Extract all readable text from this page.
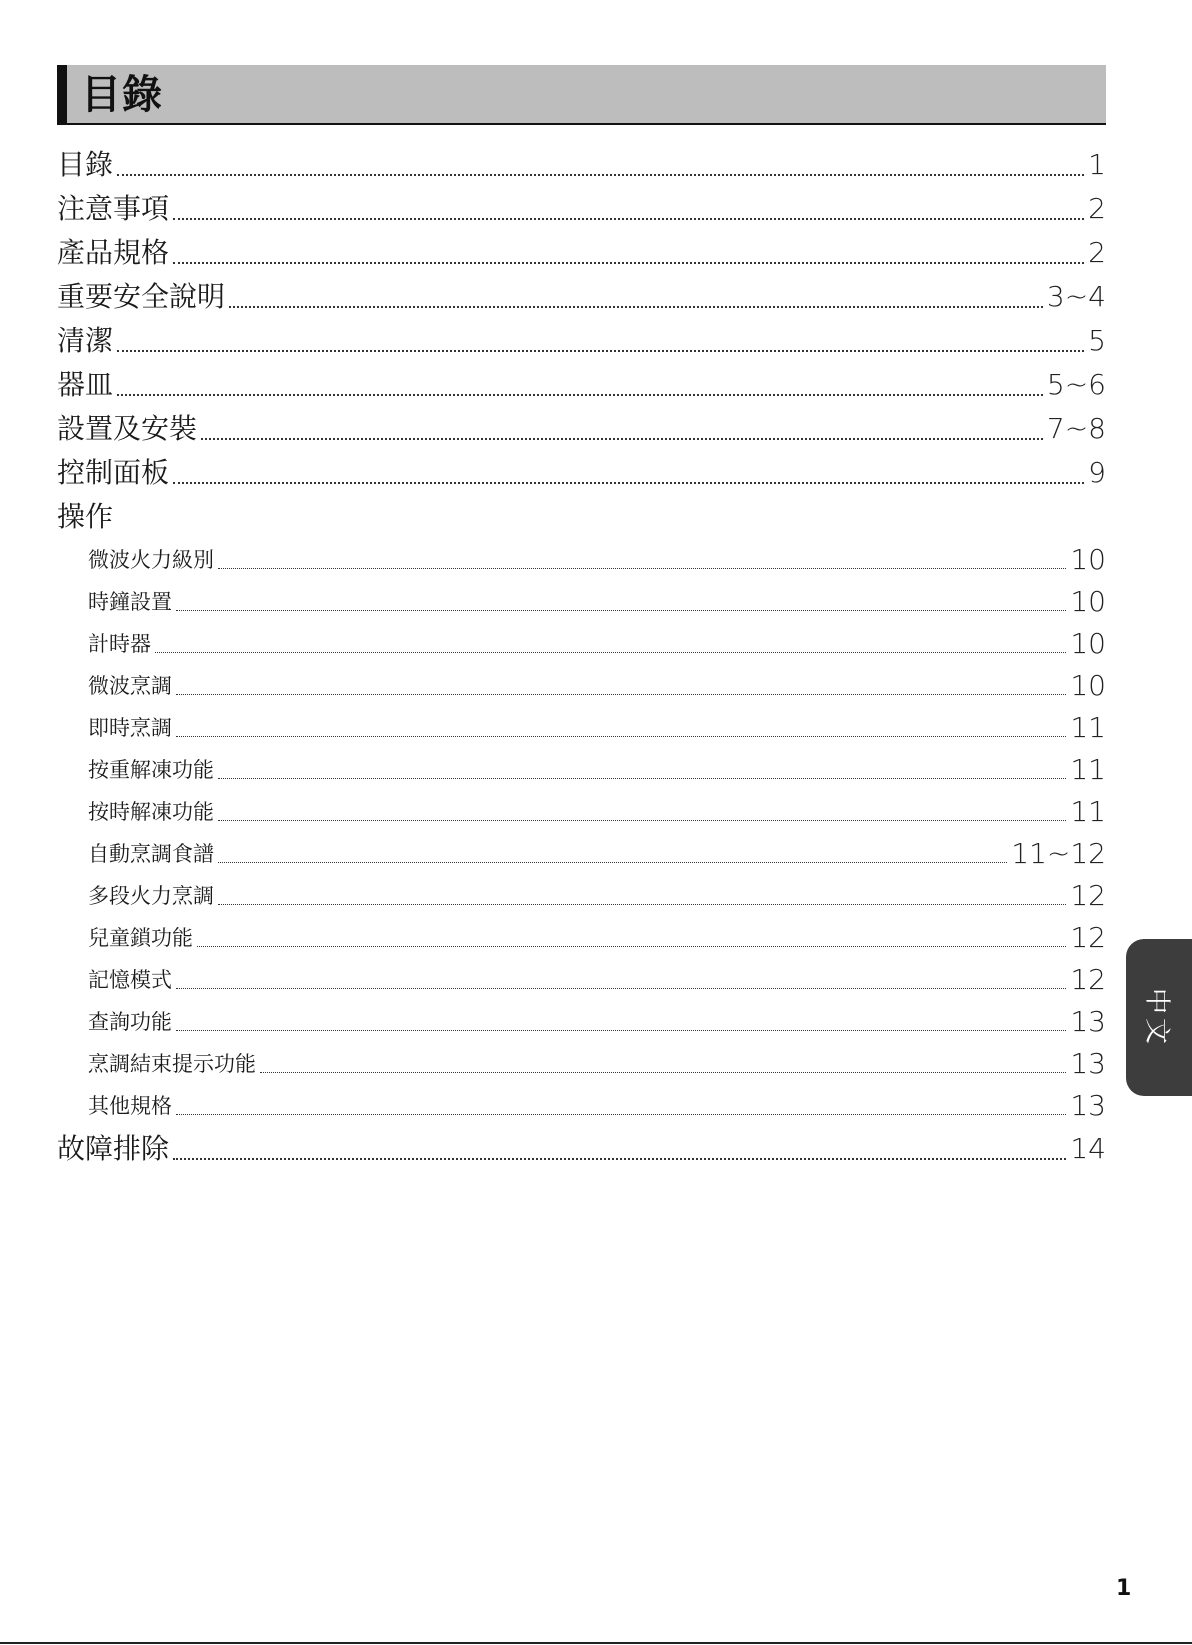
目錄
目錄	1
注意事項	2
產品規格	2
重要安全說明	3~4
清潔	5
器皿	5~6
設置及安裝	7~8
控制面板	9
操作
微波火力級別	10
時鐘設置	10
計時器	10
微波烹調	10
即時烹調	11
按重解凍功能	11
按時解凍功能	11
自動烹調食譜	11~12
多段火力烹調	12
兒童鎖功能	12
記憶模式	12
查詢功能	13
烹調結束提示功能	13
其他規格	13
故障排除	14
中文
1
